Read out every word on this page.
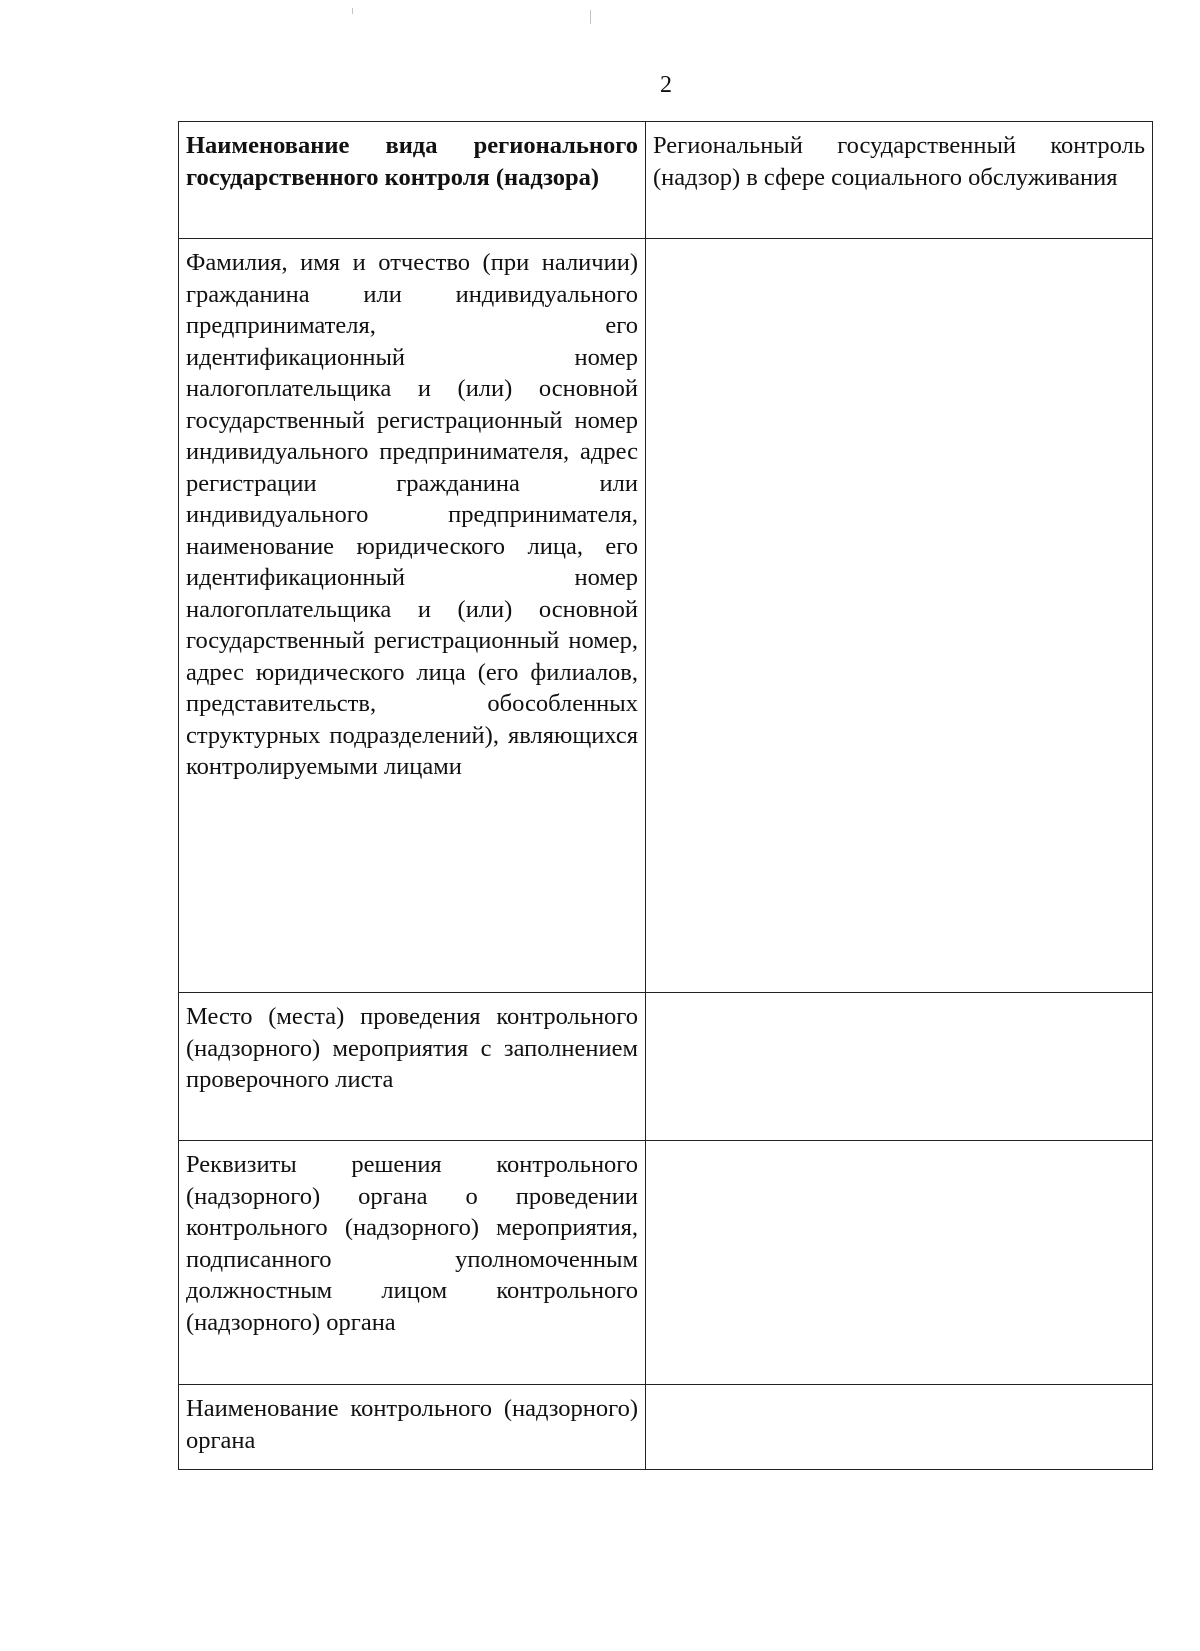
2
Наименование вида регионального государственного контроля (надзора)	Региональный государственный контроль (надзор) в сфере социального обслуживания
Фамилия, имя и отчество (при наличии) гражданина или индивидуального предпринимателя, его идентификационный номер налогоплательщика и (или) основной государственный регистрационный номер индивидуального предпринимателя, адрес регистрации гражданина или индивидуального предпринимателя, наименование юридического лица, его идентификационный номер налогоплательщика и (или) основной государственный регистрационный номер, адрес юридического лица (его филиалов, представительств, обособленных структурных подразделений), являющихся контролируемыми лицами	
Место (места) проведения контрольного (надзорного) мероприятия с заполнением проверочного листа	
Реквизиты решения контрольного (надзорного) органа о проведении контрольного (надзорного) мероприятия, подписанного уполномоченным должностным лицом контрольного (надзорного) органа	
Наименование контрольного (надзорного) органа	
